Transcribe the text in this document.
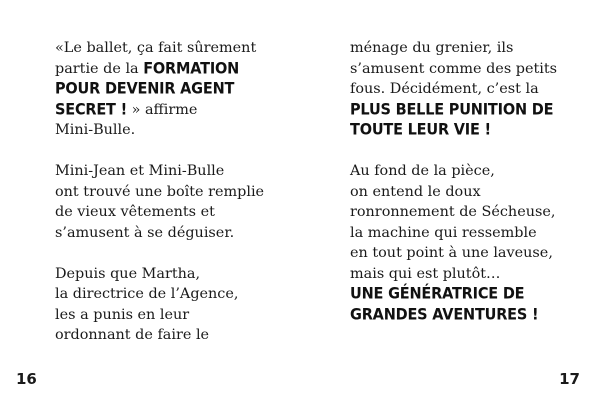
«Le ballet, ça fait sûrement
partie de la FORMATION
POUR DEVENIR AGENT
SECRET ! » affirme
Mini-Bulle.
Mini-Jean et Mini-Bulle
ont trouvé une boîte remplie
de vieux vêtements et
s’amusent à se déguiser.
Depuis que Martha,
la directrice de l’Agence,
les a punis en leur
ordonnant de faire le
16
ménage du grenier, ils
s’amusent comme des petits
fous. Décidément, c’est la
PLUS BELLE PUNITION DE
TOUTE LEUR VIE !
Au fond de la pièce,
on entend le doux
ronronnement de Sécheuse,
la machine qui ressemble
en tout point à une laveuse,
mais qui est plutôt…
UNE GÉNÉRATRICE DE
GRANDES AVENTURES !
17
